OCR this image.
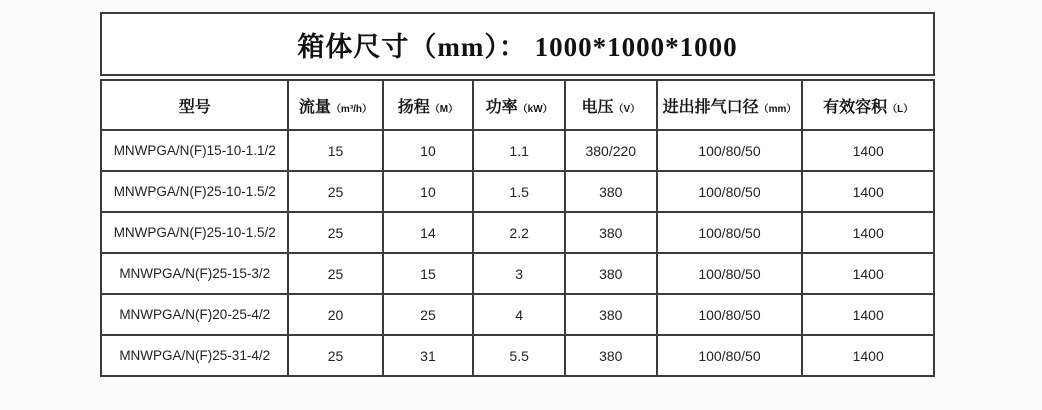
箱体尺寸（mm）： 1000*1000*1000
型号	流量（m³/h）	扬程（M）	功率（kW）	电压（V）	进出排气口径（mm）	有效容积（L）
MNWPGA/N(F)15-10-1.1/2	15	10	1.1	380/220	100/80/50	1400
MNWPGA/N(F)25-10-1.5/2	25	10	1.5	380	100/80/50	1400
MNWPGA/N(F)25-10-1.5/2	25	14	2.2	380	100/80/50	1400
MNWPGA/N(F)25-15-3/2	25	15	3	380	100/80/50	1400
MNWPGA/N(F)20-25-4/2	20	25	4	380	100/80/50	1400
MNWPGA/N(F)25-31-4/2	25	31	5.5	380	100/80/50	1400
